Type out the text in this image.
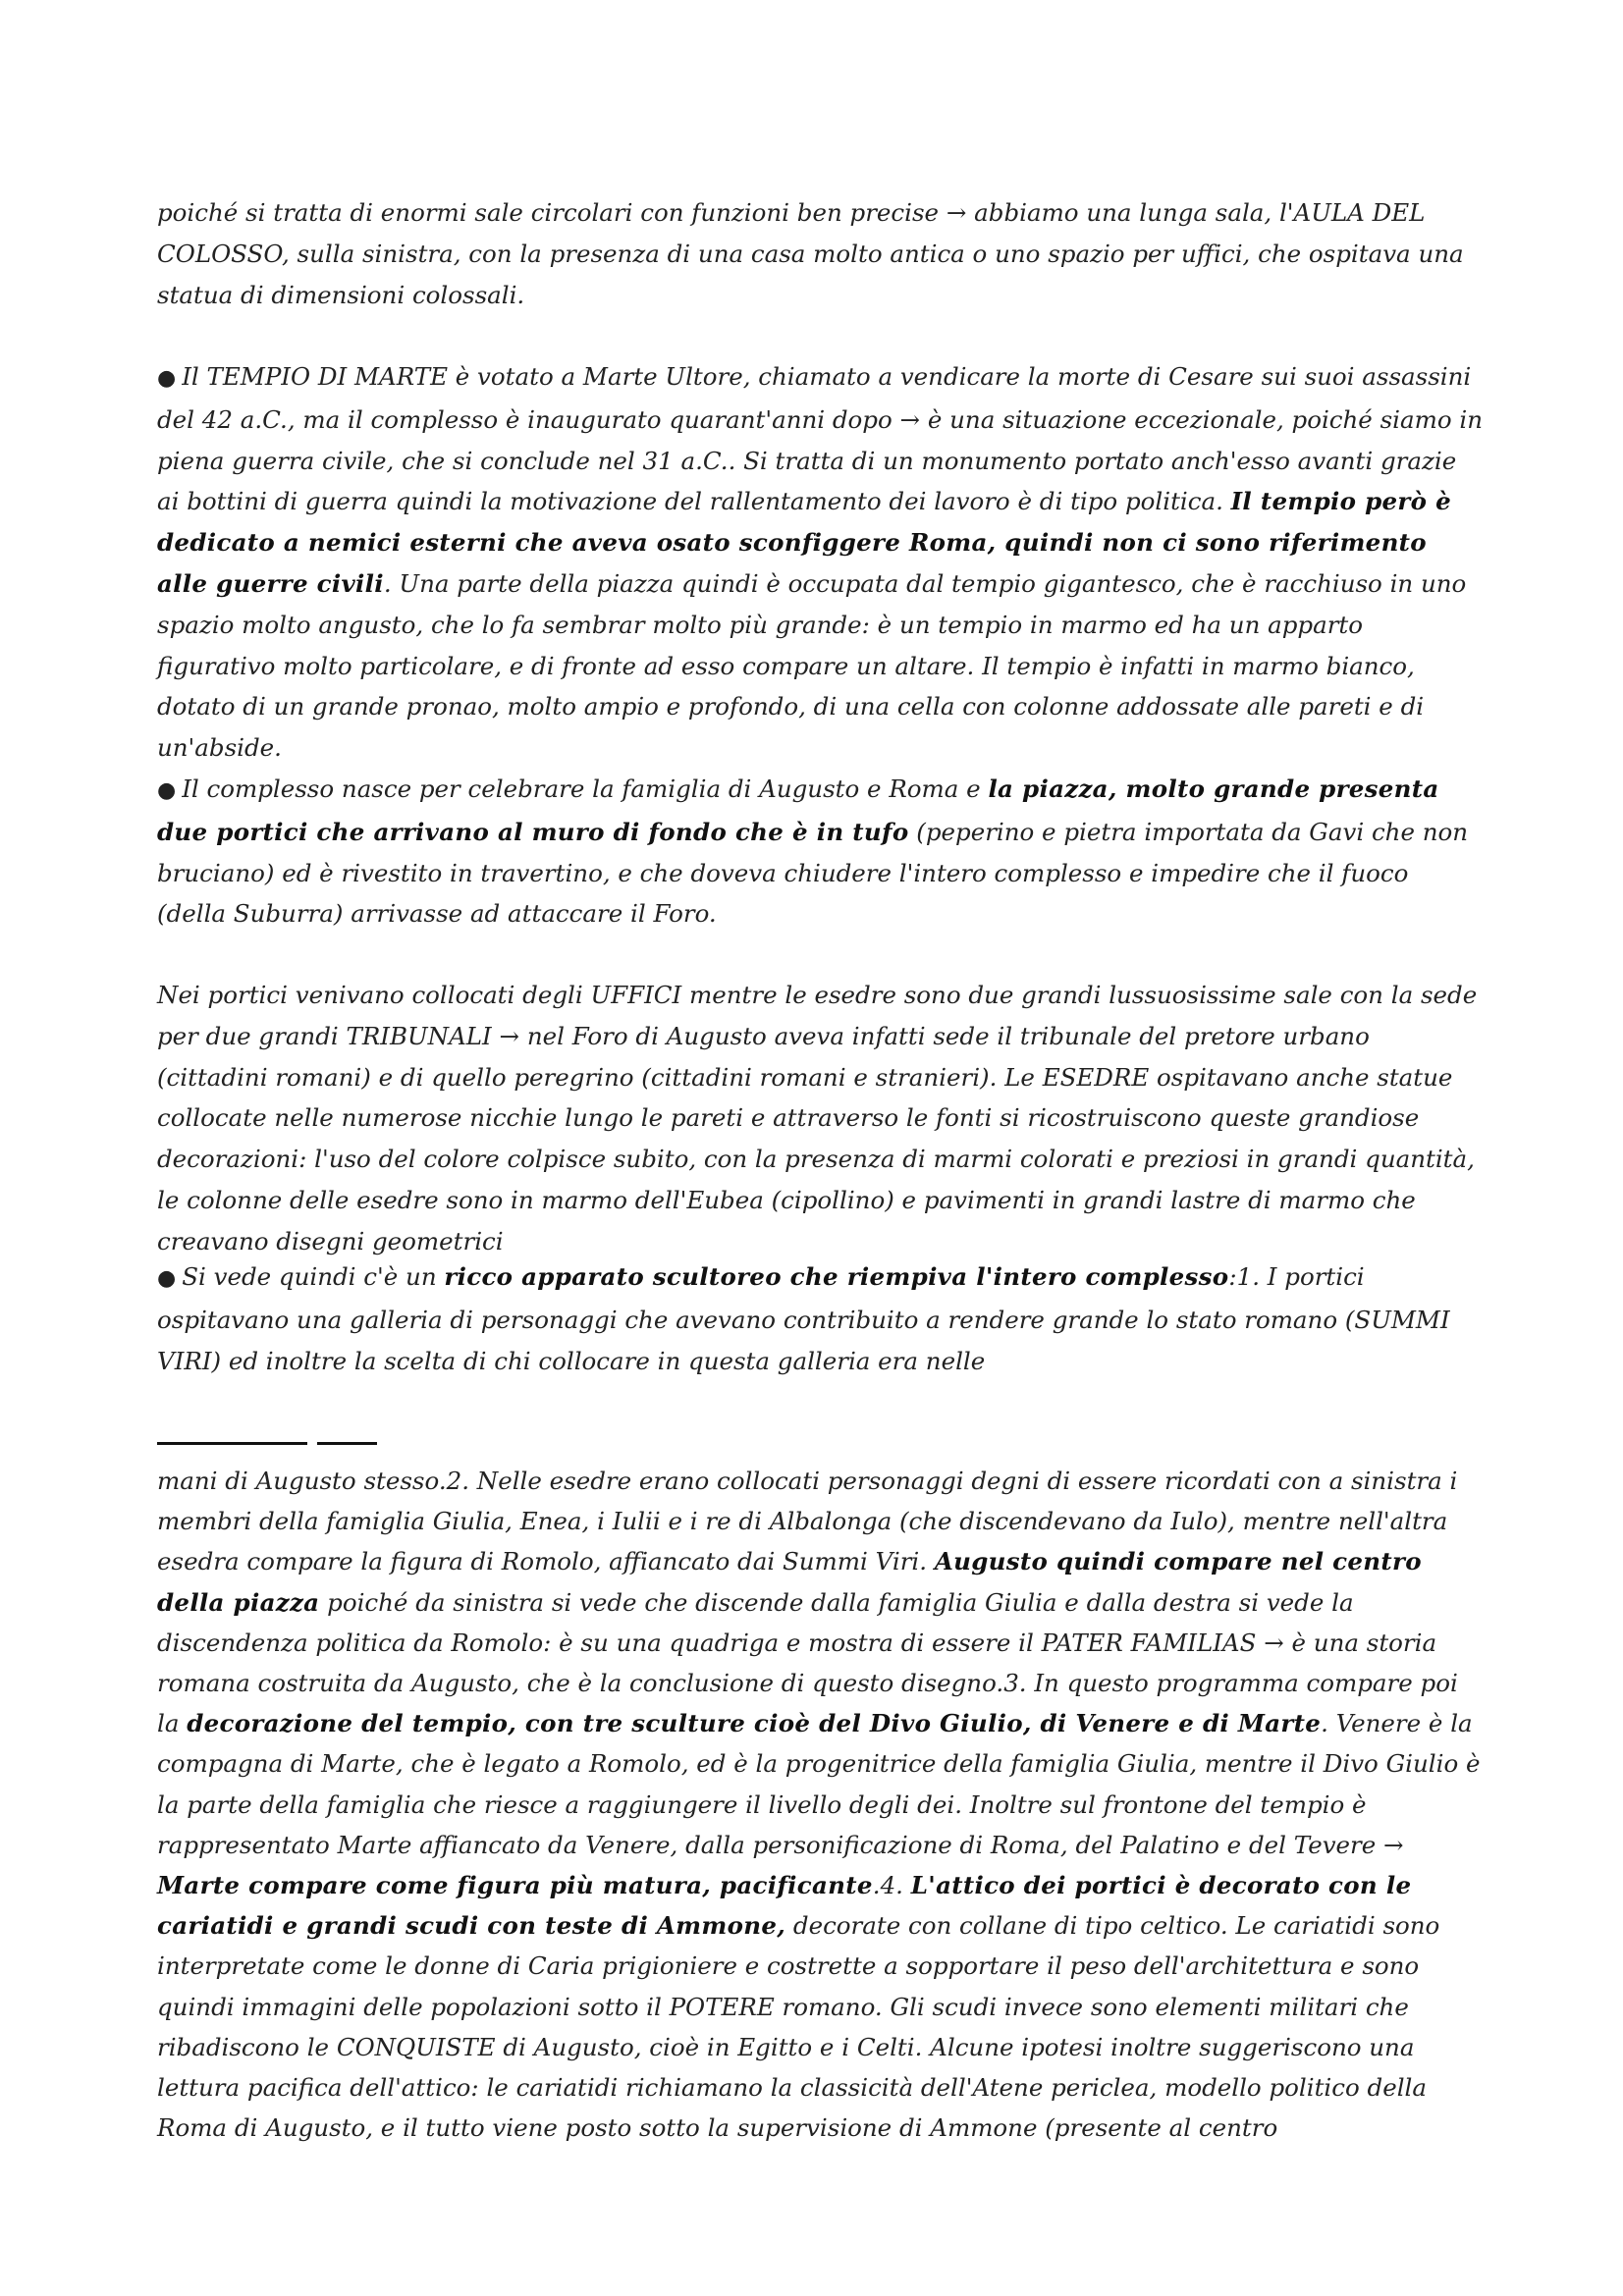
poiché si tratta di enormi sale circolari con funzioni ben precise → abbiamo una lunga sala, l'AULA DEL COLOSSO, sulla sinistra, con la presenza di una casa molto antica o uno spazio per uffici, che ospitava una statua di dimensioni colossali.

● Il TEMPIO DI MARTE è votato a Marte Ultore, chiamato a vendicare la morte di Cesare sui suoi assassini del 42 a.C., ma il complesso è inaugurato quarant'anni dopo → è una situazione eccezionale, poiché siamo in piena guerra civile, che si conclude nel 31 a.C.. Si tratta di un monumento portato anch'esso avanti grazie ai bottini di guerra quindi la motivazione del rallentamento dei lavoro è di tipo politica. Il tempio però è dedicato a nemici esterni che aveva osato sconfiggere Roma, quindi non ci sono riferimento alle guerre civili. Una parte della piazza quindi è occupata dal tempio gigantesco, che è racchiuso in uno spazio molto angusto, che lo fa sembrar molto più grande: è un tempio in marmo ed ha un apparto figurativo molto particolare, e di fronte ad esso compare un altare. Il tempio è infatti in marmo bianco, dotato di un grande pronao, molto ampio e profondo, di una cella con colonne addossate alle pareti e di un'abside.

● Il complesso nasce per celebrare la famiglia di Augusto e Roma e la piazza, molto grande presenta due portici che arrivano al muro di fondo che è in tufo (peperino e pietra importata da Gavi che non bruciano) ed è rivestito in travertino, e che doveva chiudere l'intero complesso e impedire che il fuoco (della Suburra) arrivasse ad attaccare il Foro.

Nei portici venivano collocati degli UFFICI mentre le esedre sono due grandi lussuosissime sale con la sede per due grandi TRIBUNALI → nel Foro di Augusto aveva infatti sede il tribunale del pretore urbano (cittadini romani) e di quello peregrino (cittadini romani e stranieri). Le ESEDRE ospitavano anche statue collocate nelle numerose nicchie lungo le pareti e attraverso le fonti si ricostruiscono queste grandiose decorazioni: l'uso del colore colpisce subito, con la presenza di marmi colorati e preziosi in grandi quantità, le colonne delle esedre sono in marmo dell'Eubea (cipollino) e pavimenti in grandi lastre di marmo che creavano disegni geometrici

● Si vede quindi c'è un ricco apparato scultoreo che riempiva l'intero complesso:1. I portici ospitavano una galleria di personaggi che avevano contribuito a rendere grande lo stato romano (SUMMI VIRI) ed inoltre la scelta di chi collocare in questa galleria era nelle

mani di Augusto stesso.2. Nelle esedre erano collocati personaggi degni di essere ricordati con a sinistra i membri della famiglia Giulia, Enea, i Iulii e i re di Albalonga (che discendevano da Iulo), mentre nell'altra esedra compare la figura di Romolo, affiancato dai Summi Viri. Augusto quindi compare nel centro della piazza poiché da sinistra si vede che discende dalla famiglia Giulia e dalla destra si vede la discendenza politica da Romolo: è su una quadriga e mostra di essere il PATER FAMILIAS → è una storia romana costruita da Augusto, che è la conclusione di questo disegno.3. In questo programma compare poi la decorazione del tempio, con tre sculture cioè del Divo Giulio, di Venere e di Marte. Venere è la compagna di Marte, che è legato a Romolo, ed è la progenitrice della famiglia Giulia, mentre il Divo Giulio è la parte della famiglia che riesce a raggiungere il livello degli dei. Inoltre sul frontone del tempio è rappresentato Marte affiancato da Venere, dalla personificazione di Roma, del Palatino e del Tevere → Marte compare come figura più matura, pacificante.4. L'attico dei portici è decorato con le cariatidi e grandi scudi con teste di Ammone, decorate con collane di tipo celtico. Le cariatidi sono interpretate come le donne di Caria prigioniere e costrette a sopportare il peso dell'architettura e sono quindi immagini delle popolazioni sotto il POTERE romano. Gli scudi invece sono elementi militari che ribadiscono le CONQUISTE di Augusto, cioè in Egitto e i Celti. Alcune ipotesi inoltre suggeriscono una lettura pacifica dell'attico: le cariatidi richiamano la classicità dell'Atene periclea, modello politico della Roma di Augusto, e il tutto viene posto sotto la supervisione di Ammone (presente al centro
